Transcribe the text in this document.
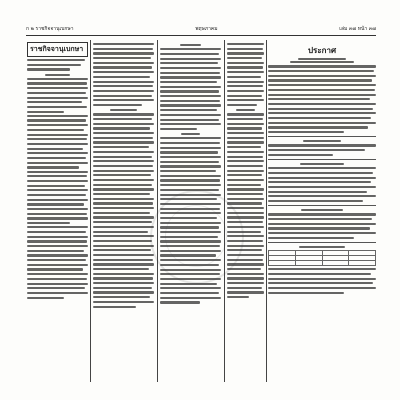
ก ๒ ราชกิจจานุเบกษา	พฤษภาคม	เล่ม ๓๗ หน้า ๓๗
ราชกิจจานุเบกษา	ประกาศ
